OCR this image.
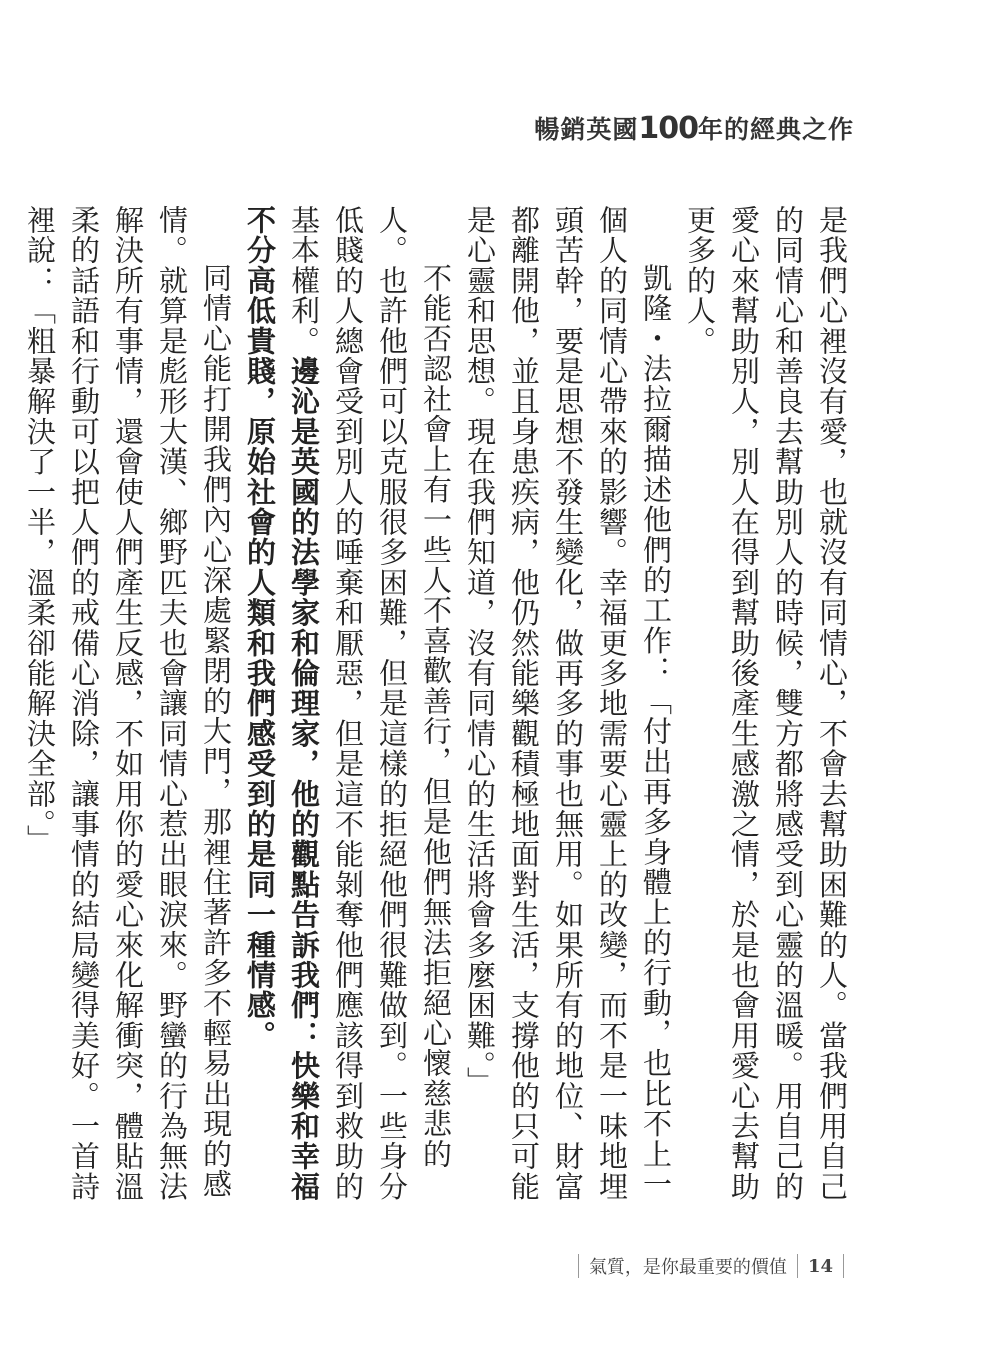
暢銷英國100年的經典之作

是我們心裡沒有愛，也就沒有同情心，不會去幫助困難的人。當我們用自己的同情心和善良去幫助別人的時候，雙方都將感受到心靈的溫暖。用自己的愛心來幫助別人，別人在得到幫助後產生感激之情，於是也會用愛心去幫助更多的人。

凱隆・法拉爾描述他們的工作：「付出再多身體上的行動，也比不上一個人的同情心帶來的影響。幸福更多地需要心靈上的改變，而不是一味地埋頭苦幹，要是思想不發生變化，做再多的事也無用。如果所有的地位、財富都離開他，並且身患疾病，他仍然能樂觀積極地面對生活，支撐他的只可能是心靈和思想。現在我們知道，沒有同情心的生活將會多麼困難。」

不能否認社會上有一些人不喜歡善行，但是他們無法拒絕心懷慈悲的人。也許他們可以克服很多困難，但是這樣的拒絕他們很難做到。一些身分低賤的人總會受到別人的唾棄和厭惡，但是這不能剝奪他們應該得到救助的基本權利。邊沁是英國的法學家和倫理家，他的觀點告訴我們：快樂和幸福不分高低貴賤，原始社會的人類和我們感受到的是同一種情感。

同情心能打開我們內心深處緊閉的大門，那裡住著許多不輕易出現的感情。就算是彪形大漢、鄉野匹夫也會讓同情心惹出眼淚來。野蠻的行為無法解決所有事情，還會使人們產生反感，不如用你的愛心來化解衝突，體貼溫柔的話語和行動可以把人們的戒備心消除，讓事情的結局變得美好。一首詩裡說：「粗暴解決了一半，溫柔卻能解決全部。」

氣質，是你最重要的價值 14
